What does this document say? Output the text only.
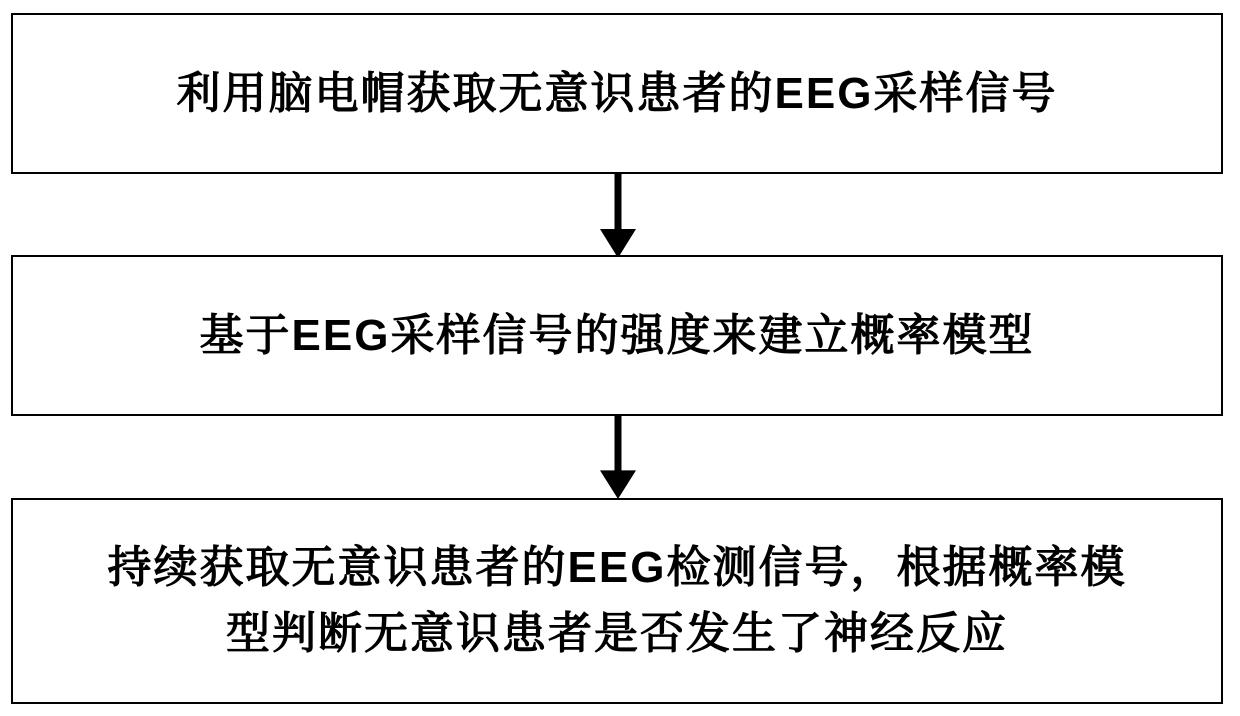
利用脑电帽获取无意识患者的EEG采样信号
基于EEG采样信号的强度来建立概率模型
持续获取无意识患者的EEG检测信号，根据概率模
型判断无意识患者是否发生了神经反应
